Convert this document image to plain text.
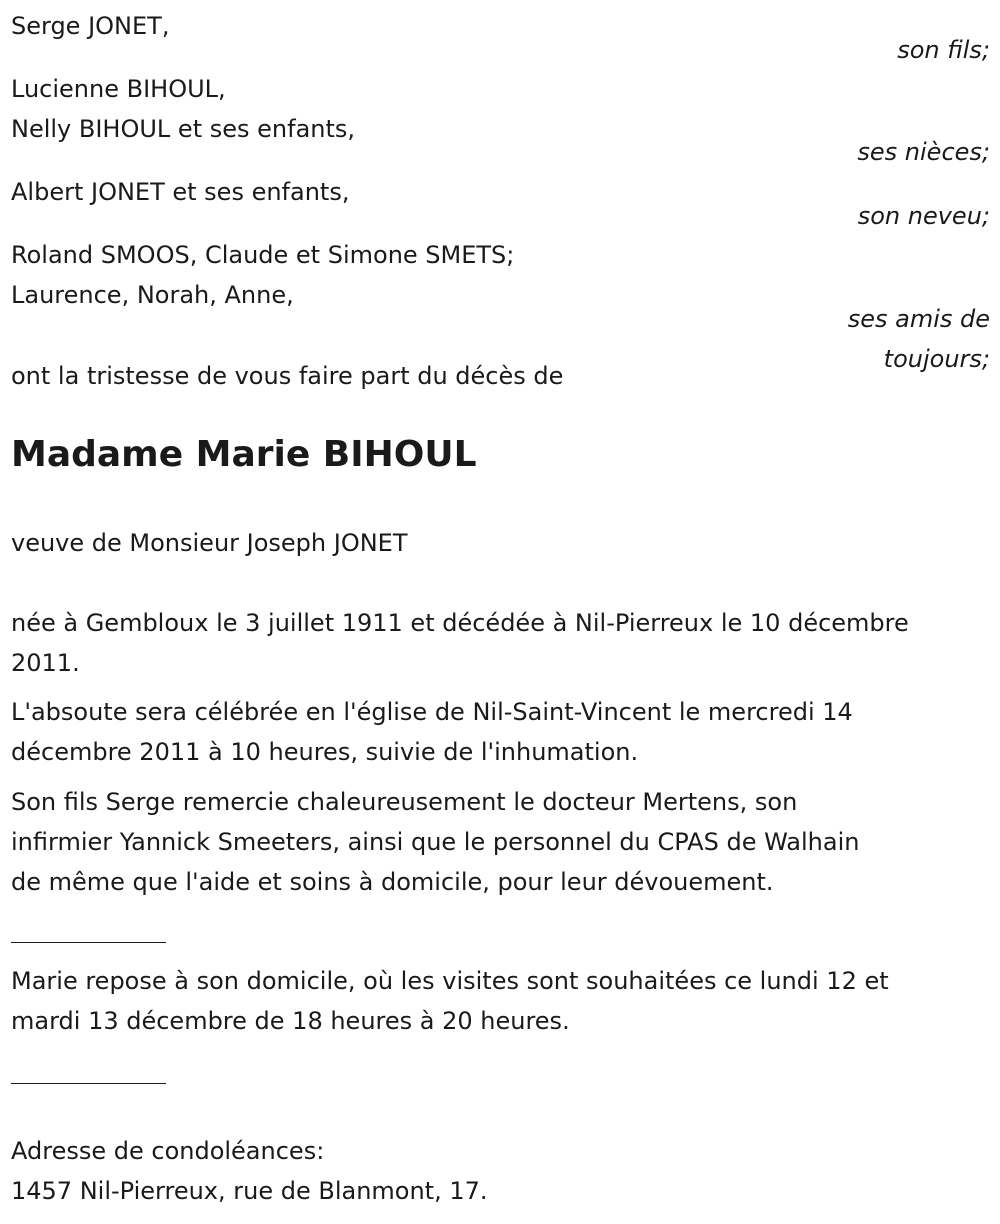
Serge JONET,
son fils;
Lucienne BIHOUL,
Nelly BIHOUL et ses enfants,
ses nièces;
Albert JONET et ses enfants,
son neveu;
Roland SMOOS, Claude et Simone SMETS;
Laurence, Norah, Anne,
ses amis de
toujours;
ont la tristesse de vous faire part du décès de
Madame Marie BIHOUL
veuve de Monsieur Joseph JONET
née à Gembloux le 3 juillet 1911 et décédée à Nil-Pierreux le 10 décembre
2011.
L'absoute sera célébrée en l'église de Nil-Saint-Vincent le mercredi 14
décembre 2011 à 10 heures, suivie de l'inhumation.
Son fils Serge remercie chaleureusement le docteur Mertens, son
infirmier Yannick Smeeters, ainsi que le personnel du CPAS de Walhain
de même que l'aide et soins à domicile, pour leur dévouement.
Marie repose à son domicile, où les visites sont souhaitées ce lundi 12 et
mardi 13 décembre de 18 heures à 20 heures.
Adresse de condoléances:
1457 Nil-Pierreux, rue de Blanmont, 17.
